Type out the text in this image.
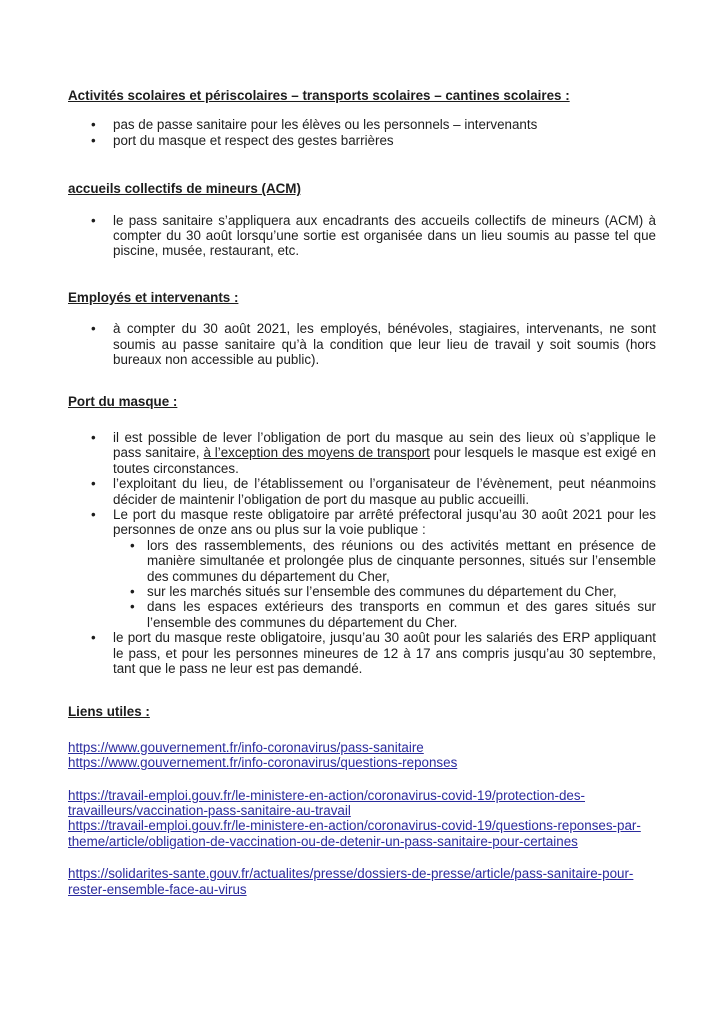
Activités scolaires et périscolaires – transports scolaires – cantines scolaires :

• pas de passe sanitaire pour les élèves ou les personnels – intervenants
• port du masque et respect des gestes barrières

accueils collectifs de mineurs (ACM)

• le pass sanitaire s’appliquera aux encadrants des accueils collectifs de mineurs (ACM) à compter du 30 août lorsqu’une sortie est organisée dans un lieu soumis au passe tel que piscine, musée, restaurant, etc.

Employés et intervenants :

• à compter du 30 août 2021, les employés, bénévoles, stagiaires, intervenants, ne sont soumis au passe sanitaire qu’à la condition que leur lieu de travail y soit soumis (hors bureaux non accessible au public).

Port du masque :

• il est possible de lever l’obligation de port du masque au sein des lieux où s’applique le pass sanitaire, à l’exception des moyens de transport pour lesquels le masque est exigé en toutes circonstances.
• l’exploitant du lieu, de l’établissement ou l’organisateur de l’évènement, peut néanmoins décider de maintenir l’obligation de port du masque au public accueilli.
• Le port du masque reste obligatoire par arrêté préfectoral jusqu’au 30 août 2021 pour les personnes de onze ans ou plus sur la voie publique :
• lors des rassemblements, des réunions ou des activités mettant en présence de manière simultanée et prolongée plus de cinquante personnes, situés sur l’ensemble des communes du département du Cher,
• sur les marchés situés sur l’ensemble des communes du département du Cher,
• dans les espaces extérieurs des transports en commun et des gares situés sur l’ensemble des communes du département du Cher.
• le port du masque reste obligatoire, jusqu’au 30 août pour les salariés des ERP appliquant le pass, et pour les personnes mineures de 12 à 17 ans compris jusqu’au 30 septembre, tant que le pass ne leur est pas demandé.

Liens utiles :

https://www.gouvernement.fr/info-coronavirus/pass-sanitaire
https://www.gouvernement.fr/info-coronavirus/questions-reponses
https://travail-emploi.gouv.fr/le-ministere-en-action/coronavirus-covid-19/protection-des-travailleurs/vaccination-pass-sanitaire-au-travail
https://travail-emploi.gouv.fr/le-ministere-en-action/coronavirus-covid-19/questions-reponses-par-theme/article/obligation-de-vaccination-ou-de-detenir-un-pass-sanitaire-pour-certaines
https://solidarites-sante.gouv.fr/actualites/presse/dossiers-de-presse/article/pass-sanitaire-pour-rester-ensemble-face-au-virus
